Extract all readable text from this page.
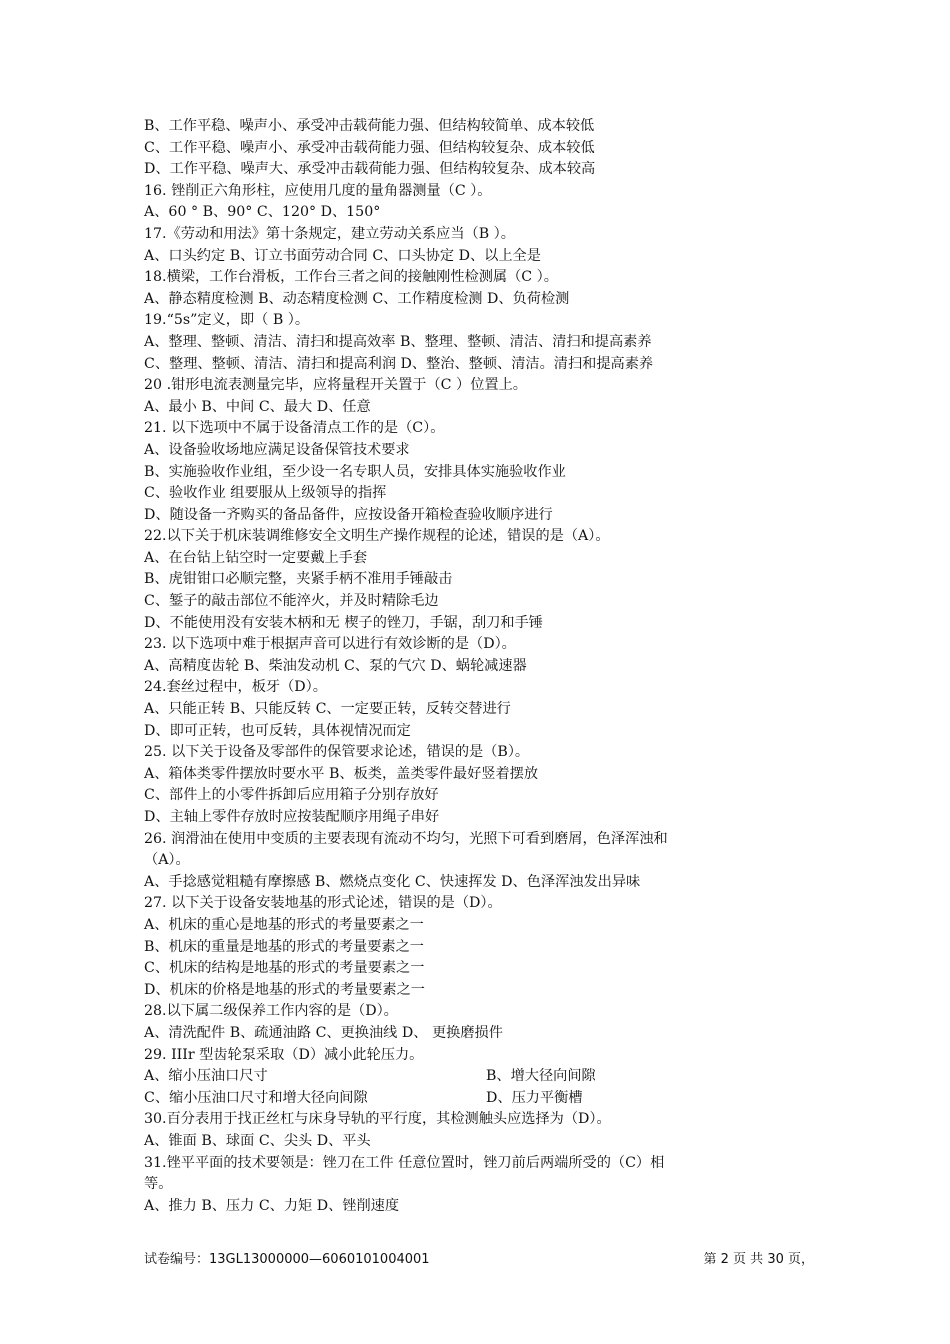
B、工作平稳、噪声小、承受冲击载荷能力强、但结构较简单、成本较低
C、工作平稳、噪声小、承受冲击载荷能力强、但结构较复杂、成本较低
D、工作平稳、噪声大、承受冲击载荷能力强、但结构较复杂、成本较高
16. 锉削正六角形柱，应使用几度的量角器测量（C ）。
A、60 ° B、90° C、120° D、150°
17.《劳动和用法》第十条规定，建立劳动关系应当（B ）。
A、口头约定 B、订立书面劳动合同 C、口头协定 D、以上全是
18.横梁，工作台滑板，工作台三者之间的接触刚性检测属（C ）。
A、静态精度检测 B、动态精度检测 C、工作精度检测 D、负荷检测
19.“5s”定义，即（ B ）。
A、整理、整顿、清洁、清扫和提高效率 B、整理、整顿、清洁、清扫和提高素养
C、整理、整顿、清洁、清扫和提高利润 D、整治、整顿、清洁。清扫和提高素养
20 .钳形电流表测量完毕，应将量程开关置于（C ）位置上。
A、最小 B、中间 C、最大 D、任意
21. 以下选项中不属于设备清点工作的是（C）。
A、设备验收场地应满足设备保管技术要求
B、实施验收作业组，至少设一名专职人员，安排具体实施验收作业
C、验收作业 组要服从上级领导的指挥
D、随设备一齐购买的备品备件，应按设备开箱检查验收顺序进行
22.以下关于机床装调维修安全文明生产操作规程的论述，错误的是（A）。
A、在台钻上钻空时一定要戴上手套
B、虎钳钳口必顺完整，夹紧手柄不准用手锤敲击
C、錾子的敲击部位不能淬火，并及时精除毛边
D、不能使用没有安装木柄和无 楔子的锉刀，手锯，刮刀和手锤
23. 以下选项中难于根据声音可以进行有效诊断的是（D）。
A、高精度齿轮 B、柴油发动机 C、泵的气穴 D、蜗轮减速器
24.套丝过程中，板牙（D）。
A、只能正转 B、只能反转 C、一定要正转，反转交替进行
D、即可正转，也可反转，具体视情况而定
25. 以下关于设备及零部件的保管要求论述，错误的是（B）。
A、箱体类零件摆放时要水平 B、板类，盖类零件最好竖着摆放
C、部件上的小零件拆卸后应用箱子分别存放好
D、主轴上零件存放时应按装配顺序用绳子串好
26. 润滑油在使用中变质的主要表现有流动不均匀，光照下可看到磨屑，色泽浑浊和
（A）。
A、手捻感觉粗糙有摩擦感 B、燃烧点变化 C、快速挥发 D、色泽浑浊发出异味
27. 以下关于设备安装地基的形式论述，错误的是（D）。
A、机床的重心是地基的形式的考量要素之一
B、机床的重量是地基的形式的考量要素之一
C、机床的结构是地基的形式的考量要素之一
D、机床的价格是地基的形式的考量要素之一
28.以下属二级保养工作内容的是（D）。
A、清洗配件 B、疏通油路 C、更换油线 D、 更换磨损件
29. IIIr 型齿轮泵采取（D）减小此轮压力。
A、缩小压油口尺寸	B、增大径向间隙
C、缩小压油口尺寸和增大径向间隙	D、压力平衡槽
30.百分表用于找正丝杠与床身导轨的平行度，其检测触头应选择为（D）。
A、锥面 B、球面 C、尖头 D、平头
31.锉平平面的技术要领是：锉刀在工件 任意位置时，锉刀前后两端所受的（C）相
等。
A、推力 B、压力 C、力矩 D、锉削速度
试卷编号：13GL13000000—6060101004001	第 2 页 共 30 页，
